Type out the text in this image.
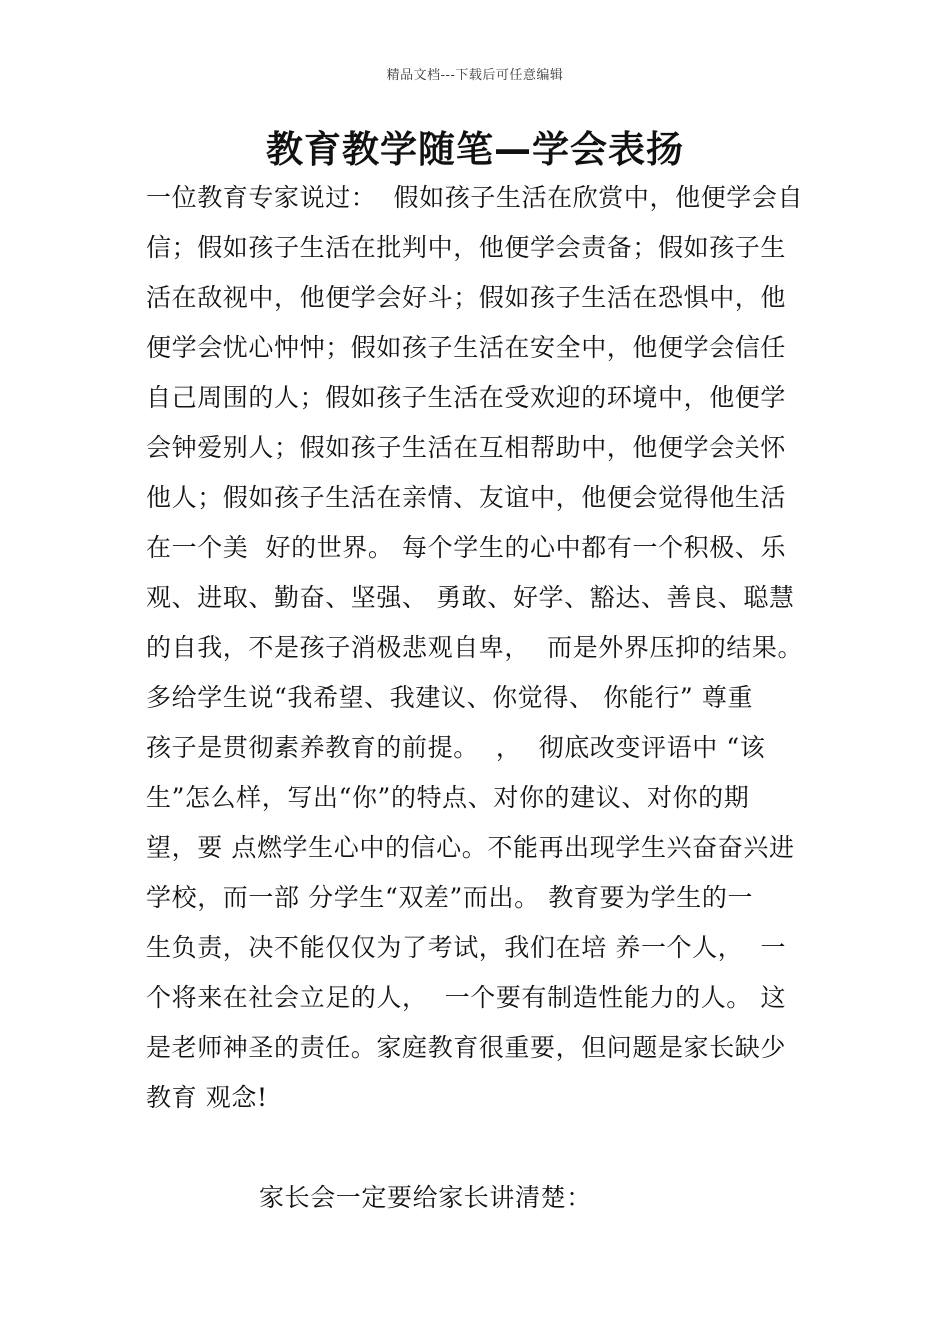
精品文档---下载后可任意编辑
教育教学随笔—学会表扬
一位教育专家说过：  假如孩子生活在欣赏中，他便学会自
信；假如孩子生活在批判中，他便学会责备；假如孩子生
活在敌视中，他便学会好斗；假如孩子生活在恐惧中，他
便学会忧心忡忡；假如孩子生活在安全中，他便学会信任
自己周围的人；假如孩子生活在受欢迎的环境中，他便学
会钟爱别人；假如孩子生活在互相帮助中，他便学会关怀
他人；假如孩子生活在亲情、友谊中，他便会觉得他生活
在一个美  好的世界。 每个学生的心中都有一个积极、乐
观、进取、勤奋、坚强、 勇敢、好学、豁达、善良、聪慧
的自我，不是孩子消极悲观自卑，  而是外界压抑的结果。
多给学生说“我希望、我建议、你觉得、 你能行” 尊重
孩子是贯彻素养教育的前提。  ，  彻底改变评语中 “该
生”怎么样，写出“你”的特点、对你的建议、对你的期
望，要 点燃学生心中的信心。不能再出现学生兴奋奋兴进
学校，而一部 分学生“双差”而出。 教育要为学生的一
生负责，决不能仅仅为了考试，我们在培 养一个人，  一
个将来在社会立足的人，  一个要有制造性能力的人。 这
是老师神圣的责任。家庭教育很重要，但问题是家长缺少
教育 观念!
家长会一定要给家长讲清楚：
